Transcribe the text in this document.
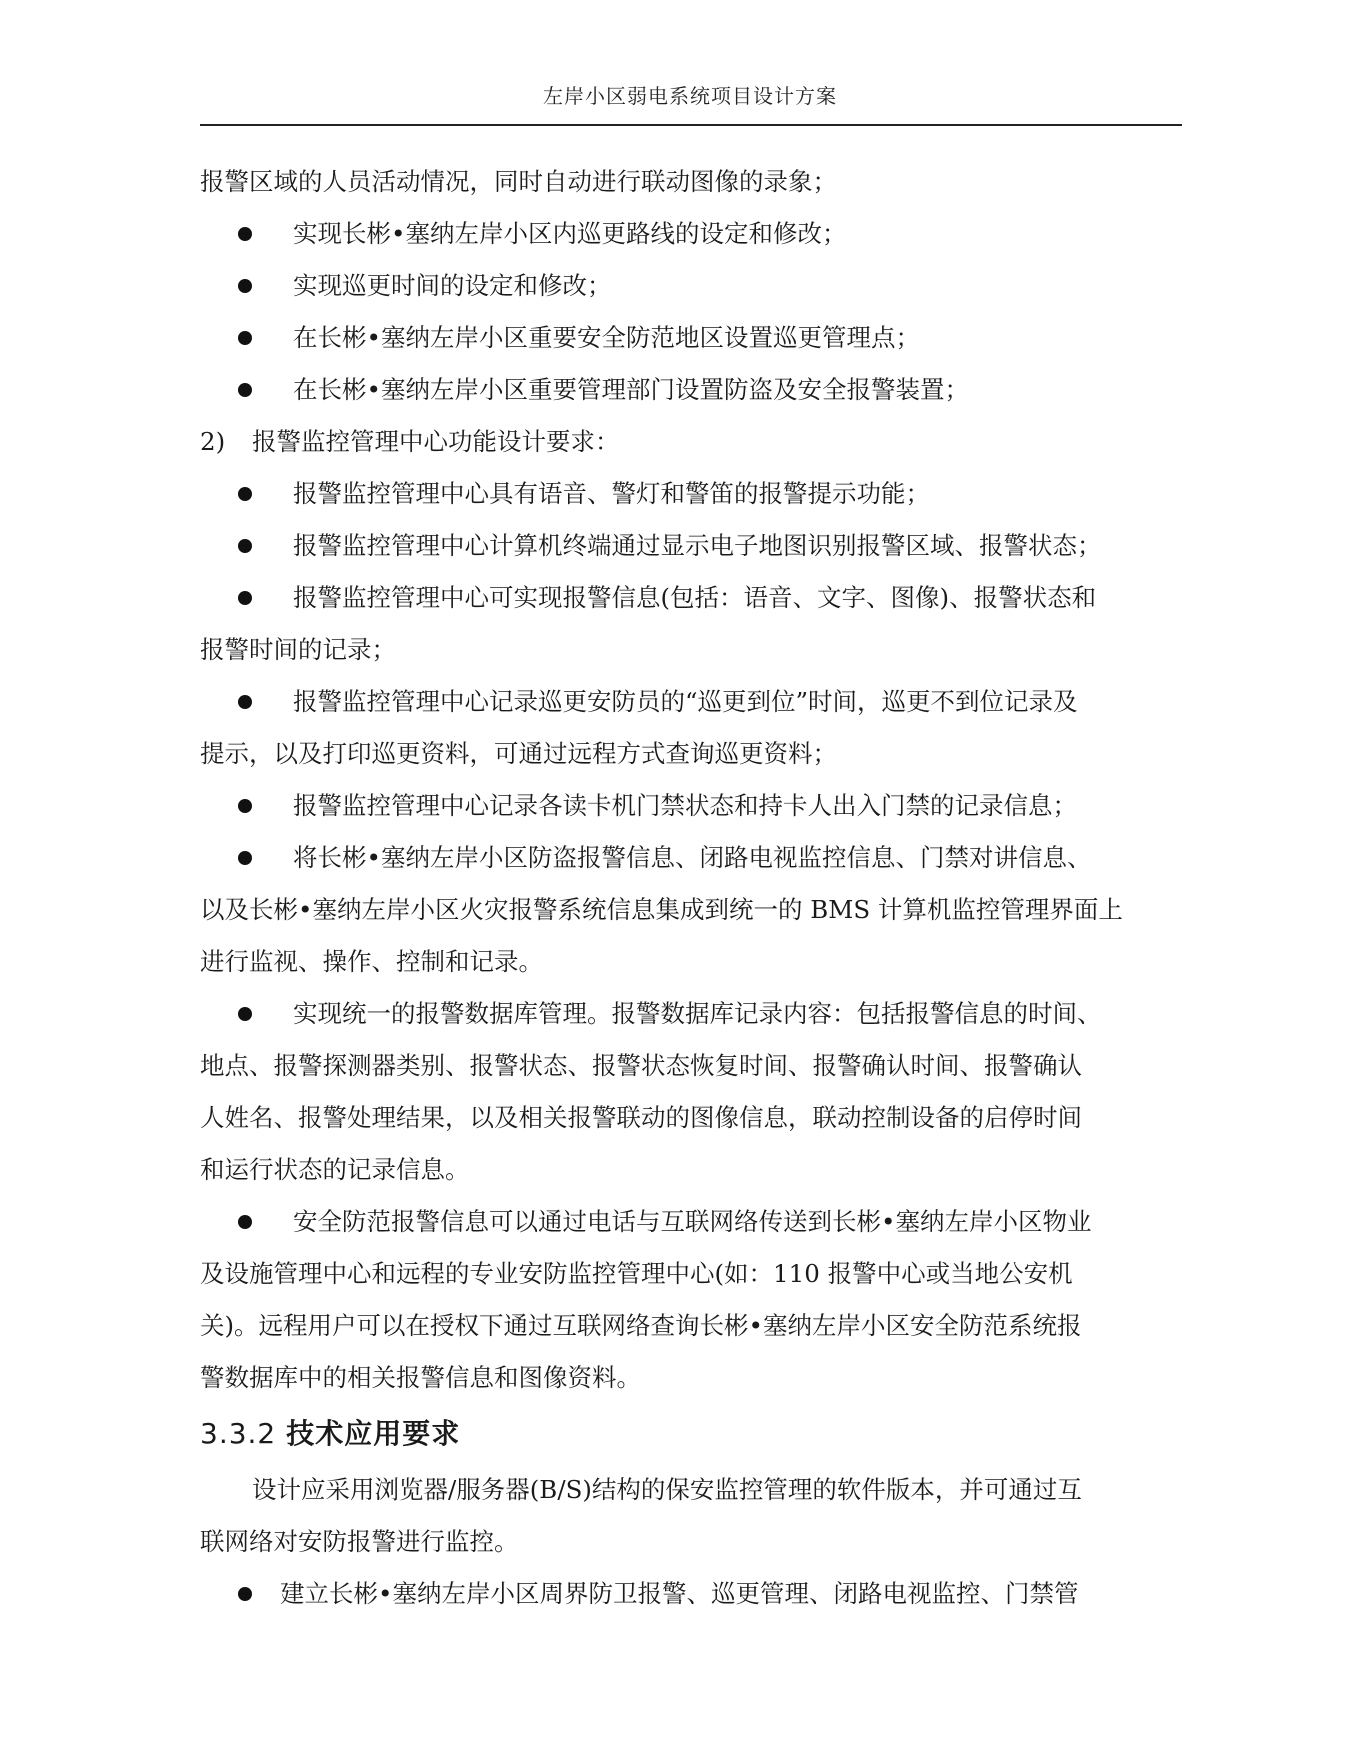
左岸小区弱电系统项目设计方案
报警区域的人员活动情况，同时自动进行联动图像的录象；
实现长彬•塞纳左岸小区内巡更路线的设定和修改；
实现巡更时间的设定和修改；
在长彬•塞纳左岸小区重要安全防范地区设置巡更管理点；
在长彬•塞纳左岸小区重要管理部门设置防盗及安全报警装置；
2) 报警监控管理中心功能设计要求：
报警监控管理中心具有语音、警灯和警笛的报警提示功能；
报警监控管理中心计算机终端通过显示电子地图识别报警区域、报警状态；
报警监控管理中心可实现报警信息(包括：语音、文字、图像)、报警状态和
报警时间的记录；
报警监控管理中心记录巡更安防员的“巡更到位”时间，巡更不到位记录及
提示，以及打印巡更资料，可通过远程方式查询巡更资料；
报警监控管理中心记录各读卡机门禁状态和持卡人出入门禁的记录信息；
将长彬•塞纳左岸小区防盗报警信息、闭路电视监控信息、门禁对讲信息、
以及长彬•塞纳左岸小区火灾报警系统信息集成到统一的 BMS 计算机监控管理界面上
进行监视、操作、控制和记录。
实现统一的报警数据库管理。报警数据库记录内容：包括报警信息的时间、
地点、报警探测器类别、报警状态、报警状态恢复时间、报警确认时间、报警确认
人姓名、报警处理结果，以及相关报警联动的图像信息，联动控制设备的启停时间
和运行状态的记录信息。
安全防范报警信息可以通过电话与互联网络传送到长彬•塞纳左岸小区物业
及设施管理中心和远程的专业安防监控管理中心(如：110 报警中心或当地公安机
关)。远程用户可以在授权下通过互联网络查询长彬•塞纳左岸小区安全防范系统报
警数据库中的相关报警信息和图像资料。
3.3.2 技术应用要求
设计应采用浏览器/服务器(B/S)结构的保安监控管理的软件版本，并可通过互
联网络对安防报警进行监控。
建立长彬•塞纳左岸小区周界防卫报警、巡更管理、闭路电视监控、门禁管
